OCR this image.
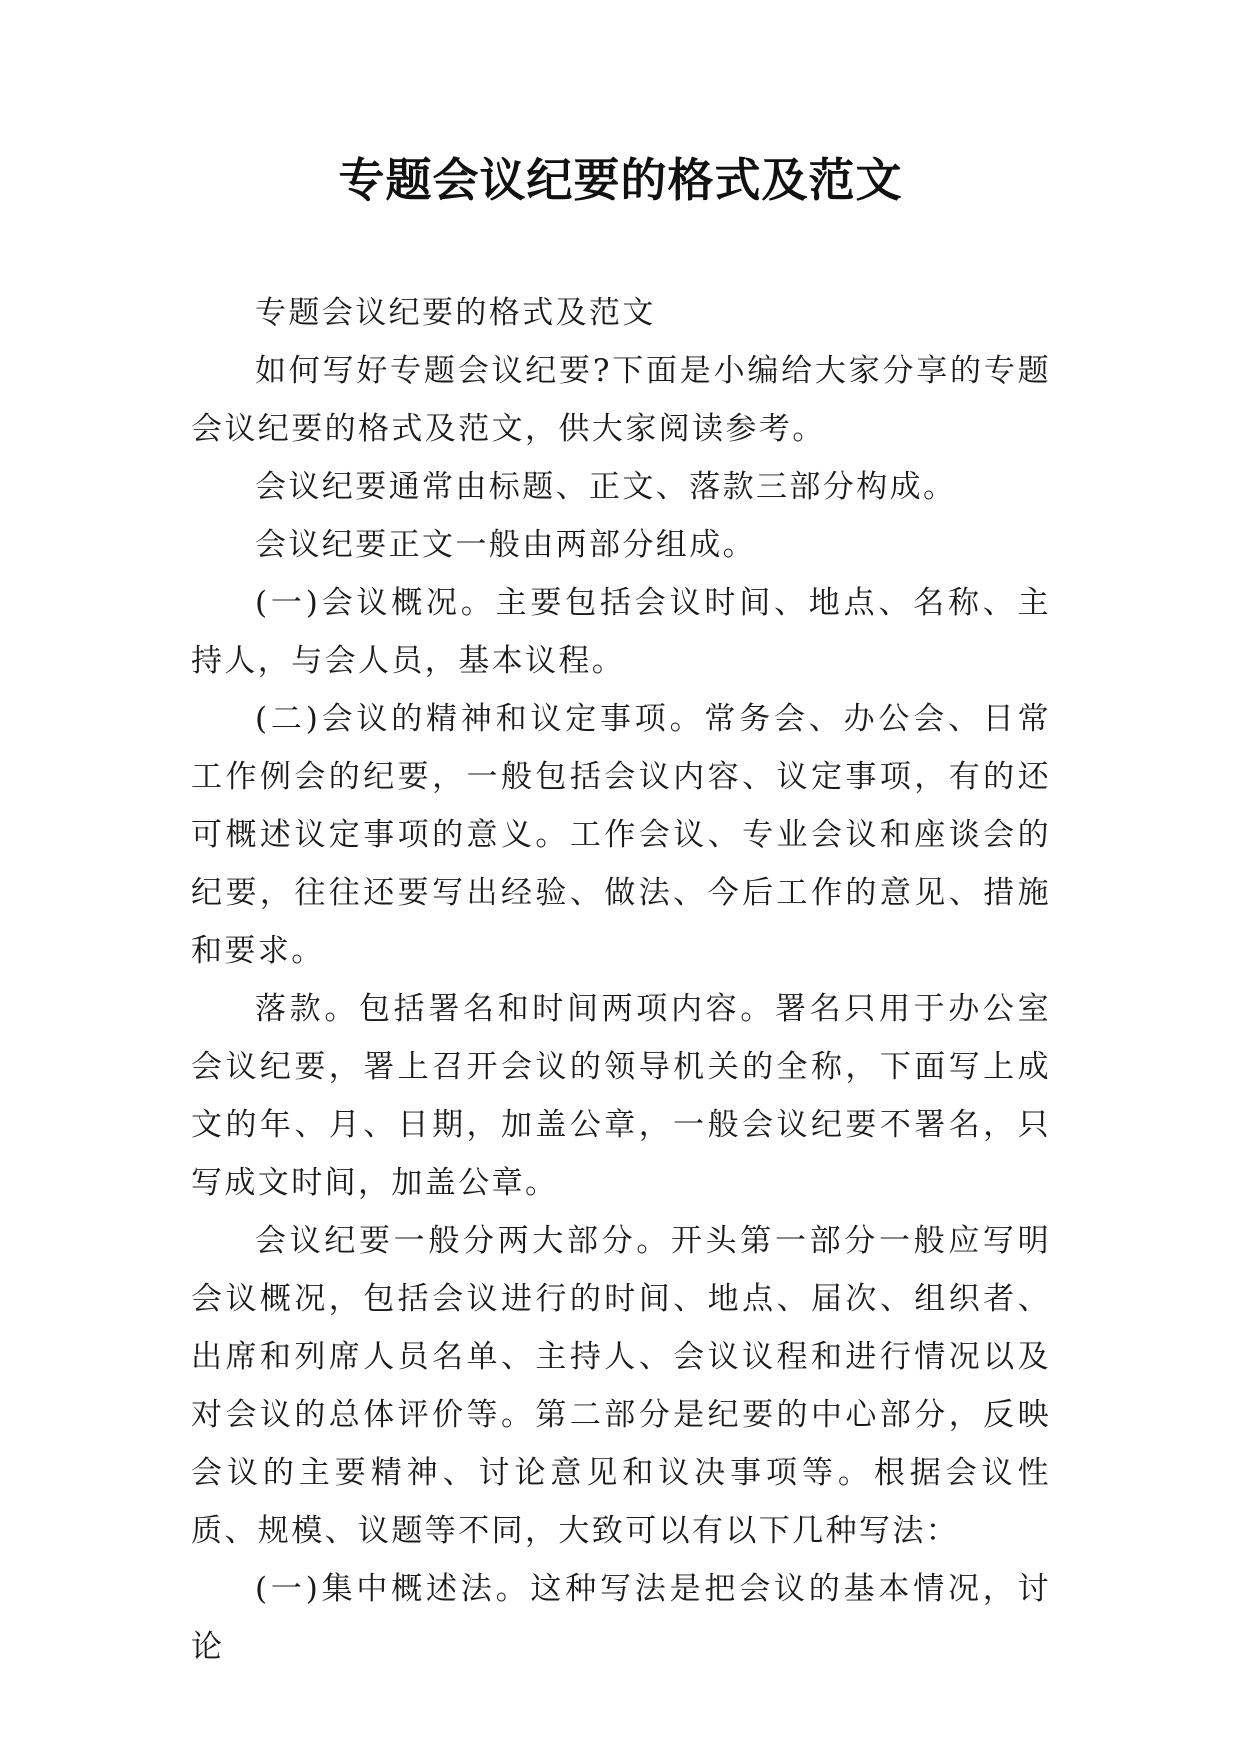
专题会议纪要的格式及范文

专题会议纪要的格式及范文

如何写好专题会议纪要?下面是小编给大家分享的专题会议纪要的格式及范文，供大家阅读参考。

会议纪要通常由标题、正文、落款三部分构成。

会议纪要正文一般由两部分组成。

(一)会议概况。主要包括会议时间、地点、名称、主持人，与会人员，基本议程。

(二)会议的精神和议定事项。常务会、办公会、日常工作例会的纪要，一般包括会议内容、议定事项，有的还可概述议定事项的意义。工作会议、专业会议和座谈会的纪要，往往还要写出经验、做法、今后工作的意见、措施和要求。

落款。包括署名和时间两项内容。署名只用于办公室会议纪要，署上召开会议的领导机关的全称，下面写上成文的年、月、日期，加盖公章，一般会议纪要不署名，只写成文时间，加盖公章。

会议纪要一般分两大部分。开头第一部分一般应写明会议概况，包括会议进行的时间、地点、届次、组织者、出席和列席人员名单、主持人、会议议程和进行情况以及对会议的总体评价等。第二部分是纪要的中心部分，反映会议的主要精神、讨论意见和议决事项等。根据会议性质、规模、议题等不同，大致可以有以下几种写法：

(一)集中概述法。这种写法是把会议的基本情况，讨论
